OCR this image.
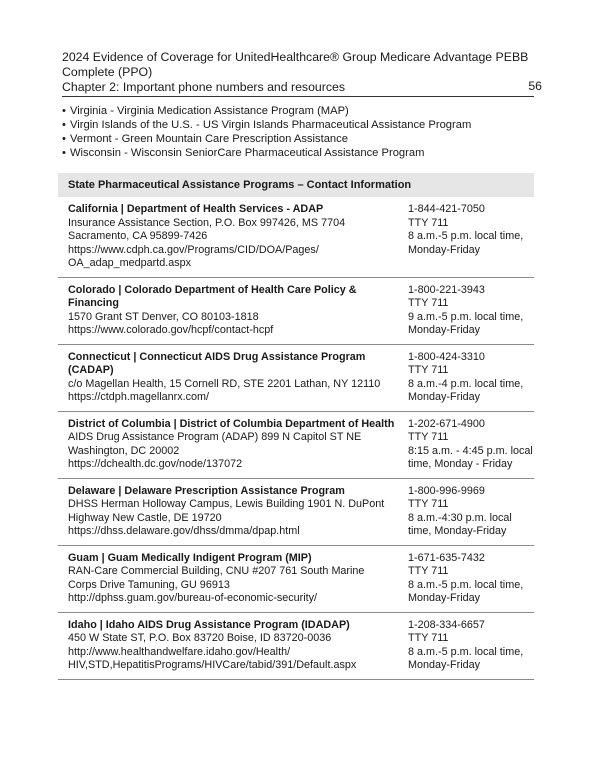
2024 Evidence of Coverage for UnitedHealthcare® Group Medicare Advantage PEBB Complete (PPO)
Chapter 2: Important phone numbers and resources	56
• Virginia - Virginia Medication Assistance Program (MAP)
• Virgin Islands of the U.S. - US Virgin Islands Pharmaceutical Assistance Program
• Vermont - Green Mountain Care Prescription Assistance
• Wisconsin - Wisconsin SeniorCare Pharmaceutical Assistance Program
State Pharmaceutical Assistance Programs – Contact Information
California | Department of Health Services - ADAP
Insurance Assistance Section, P.O. Box 997426, MS 7704
Sacramento, CA 95899-7426
https://www.cdph.ca.gov/Programs/CID/DOA/Pages/
OA_adap_medpartd.aspx
1-844-421-7050
TTY 711
8 a.m.-5 p.m. local time,
Monday-Friday
Colorado | Colorado Department of Health Care Policy & Financing
1570 Grant ST Denver, CO 80103-1818
https://www.colorado.gov/hcpf/contact-hcpf
1-800-221-3943
TTY 711
9 a.m.-5 p.m. local time,
Monday-Friday
Connecticut | Connecticut AIDS Drug Assistance Program (CADAP)
c/o Magellan Health, 15 Cornell RD, STE 2201 Lathan, NY 12110
https://ctdph.magellanrx.com/
1-800-424-3310
TTY 711
8 a.m.-4 p.m. local time,
Monday-Friday
District of Columbia | District of Columbia Department of Health
AIDS Drug Assistance Program (ADAP) 899 N Capitol ST NE
Washington, DC 20002
https://dchealth.dc.gov/node/137072
1-202-671-4900
TTY 711
8:15 a.m. - 4:45 p.m. local
time, Monday - Friday
Delaware | Delaware Prescription Assistance Program
DHSS Herman Holloway Campus, Lewis Building 1901 N. DuPont
Highway New Castle, DE 19720
https://dhss.delaware.gov/dhss/dmma/dpap.html
1-800-996-9969
TTY 711
8 a.m.-4:30 p.m. local
time, Monday-Friday
Guam | Guam Medically Indigent Program (MIP)
RAN-Care Commercial Building, CNU #207 761 South Marine
Corps Drive Tamuning, GU 96913
http://dphss.guam.gov/bureau-of-economic-security/
1-671-635-7432
TTY 711
8 a.m.-5 p.m. local time,
Monday-Friday
Idaho | Idaho AIDS Drug Assistance Program (IDADAP)
450 W State ST, P.O. Box 83720 Boise, ID 83720-0036
http://www.healthandwelfare.idaho.gov/Health/
HIV,STD,HepatitisPrograms/HIVCare/tabid/391/Default.aspx
1-208-334-6657
TTY 711
8 a.m.-5 p.m. local time,
Monday-Friday
